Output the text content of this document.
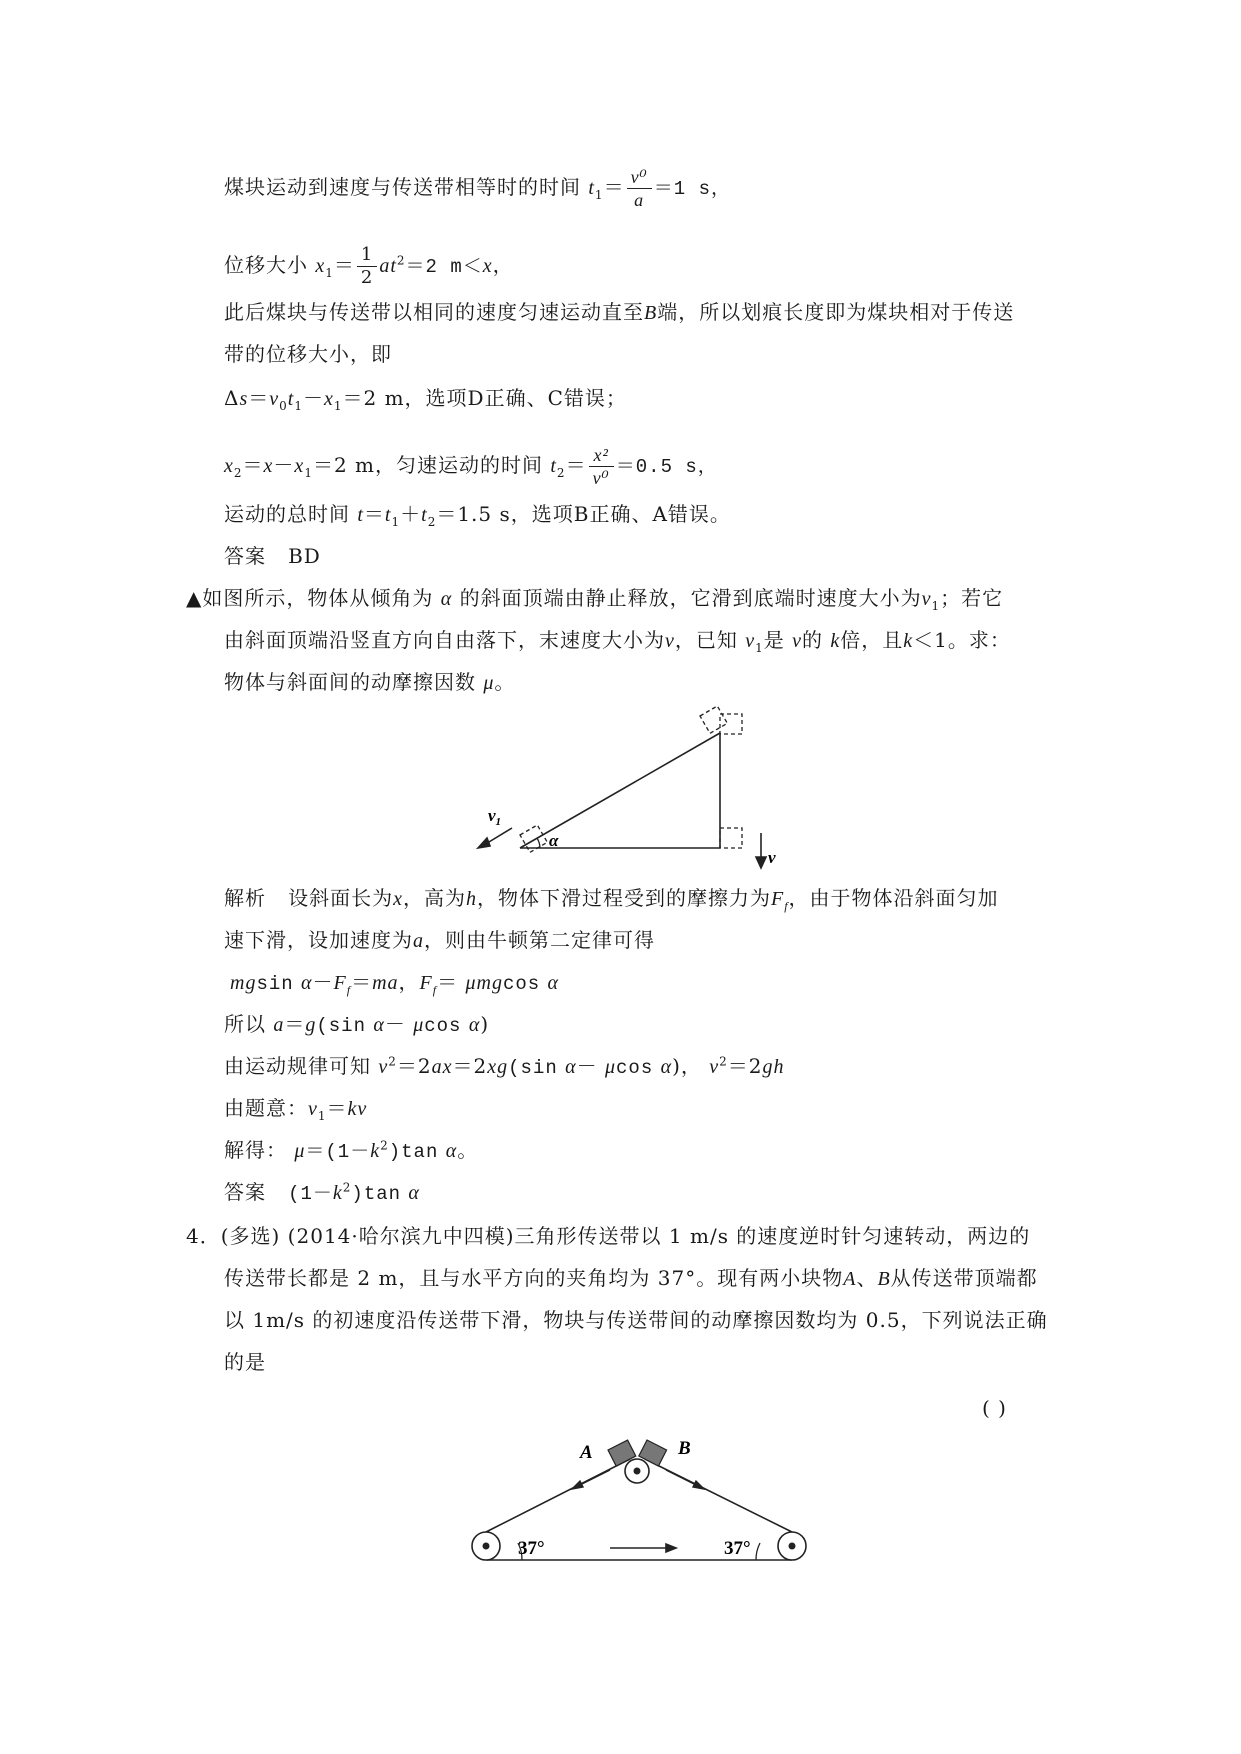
煤块运动到速度与传送带相等时的时间 $t_1= \frac{\text{v⁰}}{a} =1$ s，
位移大小 $x_1= \frac{1}{2} at^2=2$ m＜x，
此后煤块与传送带以相同的速度匀速运动直至B端，所以划痕长度即为煤块相对于传送
带的位移大小，即
$\Delta s=v_0t_1-x_1=2$ m，选项D正确、C错误；
$x_2=x-x_1=2$ m，匀速运动的时间 $t_2= \frac{\text{x²}}{\text{v⁰}} =0.5$ s，
运动的总时间 $t=t_1+t_2=1.5$ s，选项B正确、A错误。
答案 BD
▲如图所示，物体从倾角为 α 的斜面顶端由静止释放，它滑到底端时速度大小为$v_1$；若它
由斜面顶端沿竖直方向自由落下，末速度大小为v，已知 $v_1$是 v的 k倍，且k＜1。求：
物体与斜面间的动摩擦因数 μ。
$v_1$
α
v
解析 设斜面长为x，高为h，物体下滑过程受到的摩擦力为$F_f$，由于物体沿斜面匀加
速下滑，设加速度为a，则由牛顿第二定律可得
mgsin $\alpha-F_f=ma$，$F_f= \mu mgcos$ α
所以 a＝g(sin α－ μcos α)
由运动规律可知 $v^2=2ax=2xg(\sin$ α－ μcos α)， $v^2=2gh$
由题意：$v_1=kv$
解得： $\mu=(1-k^2)\tan$ α。
答案 $(1-k^2)\tan$ α
4．(多选) (2014·哈尔滨九中四模)三角形传送带以 1 m/s 的速度逆时针匀速转动，两边的
传送带长都是 2 m，且与水平方向的夹角均为 37°。现有两小块物A、B从传送带顶端都
以 1m/s 的初速度沿传送带下滑，物块与传送带间的动摩擦因数均为 0.5，下列说法正确
的是
( )
A	B
37°	37°
